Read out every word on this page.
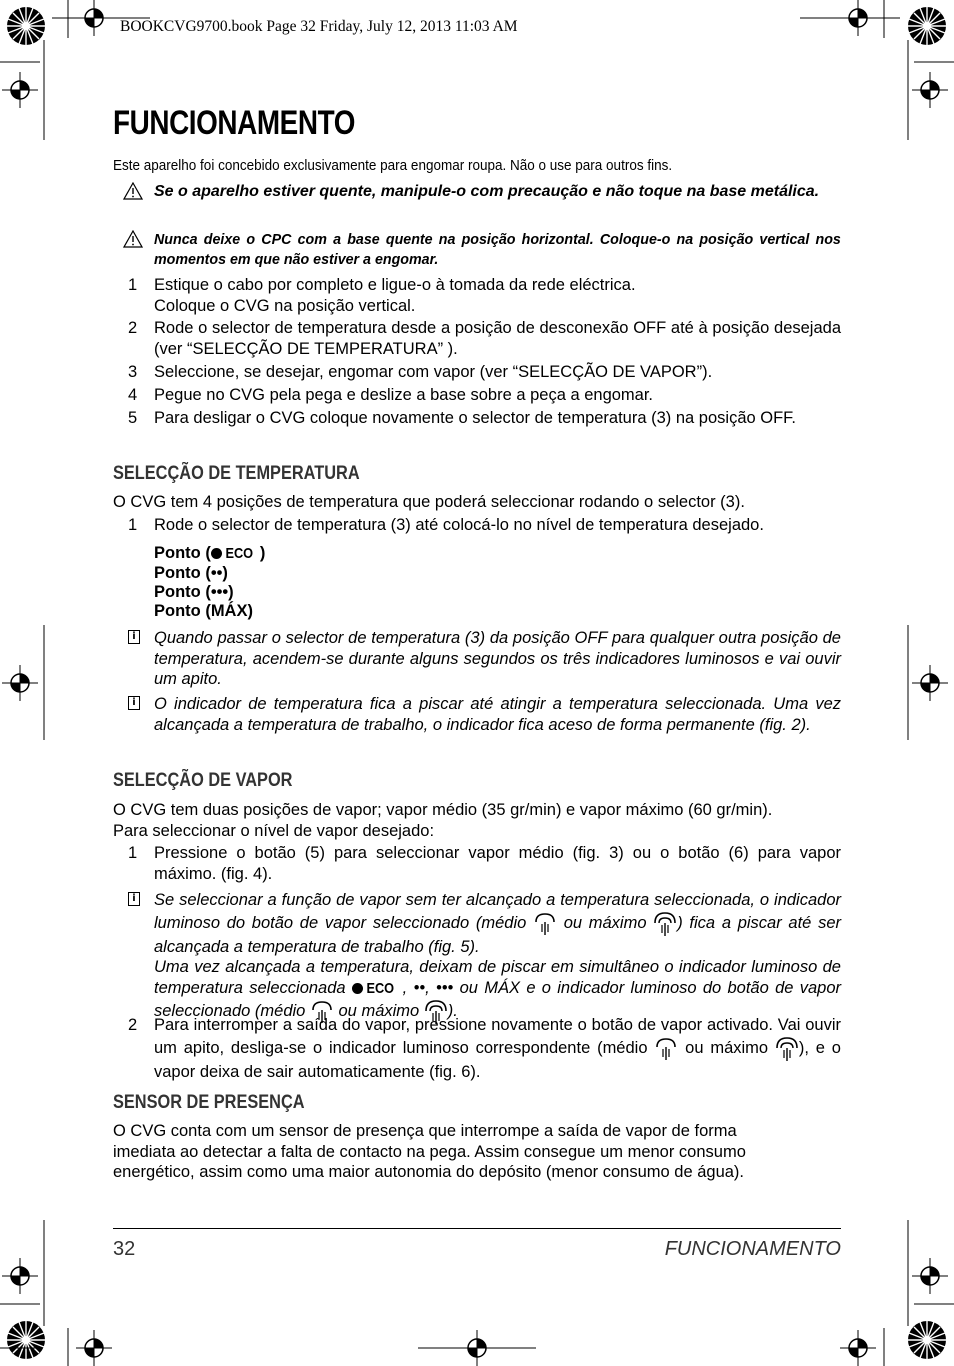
BOOKCVG9700.book Page 32 Friday, July 12, 2013 11:03 AM
FUNCIONAMENTO
Este aparelho foi concebido exclusivamente para engomar roupa. Não o use para outros fins.
Se o aparelho estiver quente, manipule-o com precaução e não toque na base metálica.
Nunca deixe o CPC com a base quente na posição horizontal. Coloque-o na posição vertical nos momentos em que não estiver a engomar.
1 Estique o cabo por completo e ligue-o à tomada da rede eléctrica.
Coloque o CVG na posição vertical.
2 Rode o selector de temperatura desde a posição de desconexão OFF até à posição desejada (ver “SELECÇÃO DE TEMPERATURA” ).
3 Seleccione, se desejar, engomar com vapor (ver “SELECÇÃO DE VAPOR”).
4 Pegue no CVG pela pega e deslize a base sobre a peça a engomar.
5 Para desligar o CVG coloque novamente o selector de temperatura (3) na posição OFF.
SELECÇÃO DE TEMPERATURA
O CVG tem 4 posições de temperatura que poderá seleccionar rodando o selector (3).
1 Rode o selector de temperatura (3) até colocá-lo no nível de temperatura desejado.
Ponto ( ECO )
Ponto (••)
Ponto (•••)
Ponto (MÁX)
i Quando passar o selector de temperatura (3) da posição OFF para qualquer outra posição de temperatura, acendem-se durante alguns segundos os três indicadores luminosos e vai ouvir um apito.
i O indicador de temperatura fica a piscar até atingir a temperatura seleccionada. Uma vez alcançada a temperatura de trabalho, o indicador fica aceso de forma permanente (fig. 2).
SELECÇÃO DE VAPOR
O CVG tem duas posições de vapor; vapor médio (35 gr/min) e vapor máximo (60 gr/min).
Para seleccionar o nível de vapor desejado:
1 Pressione o botão (5) para seleccionar vapor médio (fig. 3) ou o botão (6) para vapor máximo. (fig. 4).
i Se seleccionar a função de vapor sem ter alcançado a temperatura seleccionada, o indicador luminoso do botão de vapor seleccionado (médio  ou máximo ) fica a piscar até ser alcançada a temperatura de trabalho (fig. 5).
Uma vez alcançada a temperatura, deixam de piscar em simultâneo o indicador luminoso de temperatura seleccionada ECO , ••, ••• ou MÁX e o indicador luminoso do botão de vapor seleccionado (médio  ou máximo ).
2 Para interromper a saída do vapor, pressione novamente o botão de vapor activado. Vai ouvir um apito, desliga-se o indicador luminoso correspondente (médio  ou máximo ), e o vapor deixa de sair automaticamente (fig. 6).
SENSOR DE PRESENÇA
O CVG conta com um sensor de presença que interrompe a saída de vapor de forma
imediata ao detectar a falta de contacto na pega. Assim consegue um menor consumo
energético, assim como uma maior autonomia do depósito (menor consumo de água).
32	FUNCIONAMENTO
